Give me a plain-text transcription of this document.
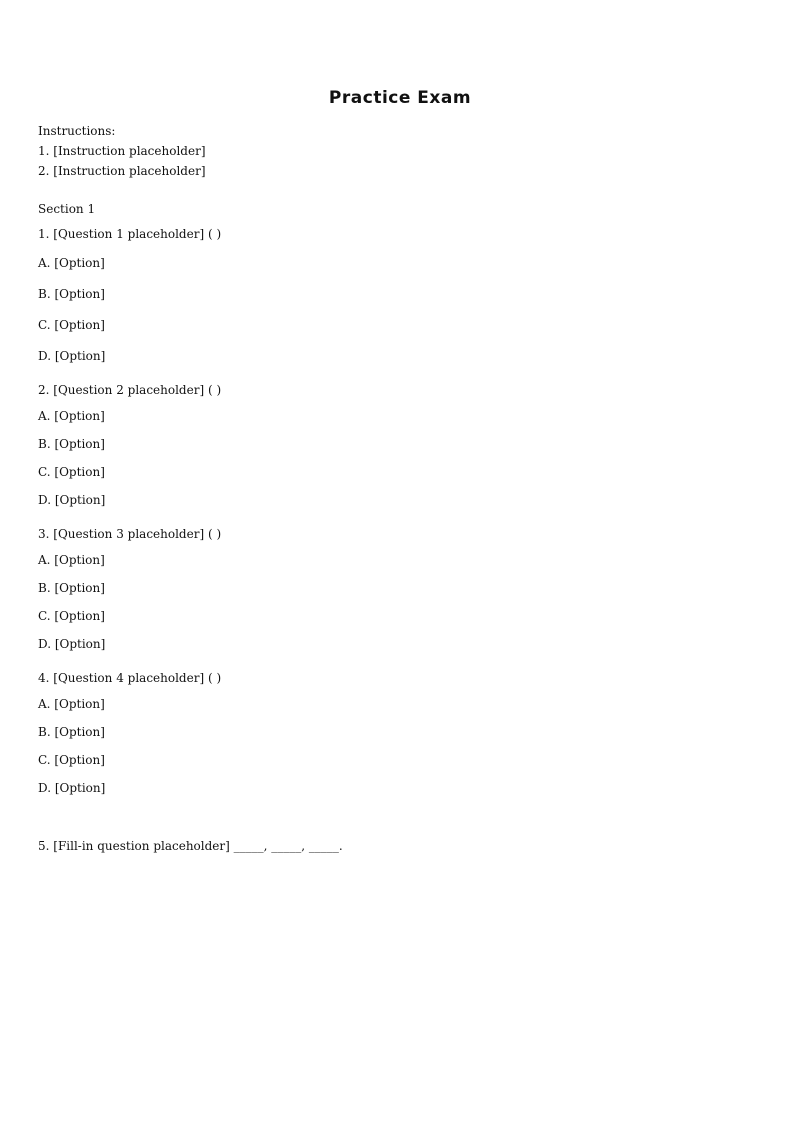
Practice Exam

Instructions:

1. [Instruction placeholder]

2. [Instruction placeholder]

Section 1

1. [Question 1 placeholder] ( )

A. [Option]

B. [Option]

C. [Option]

D. [Option]

2. [Question 2 placeholder] ( )

A. [Option]

B. [Option]

C. [Option]

D. [Option]

3. [Question 3 placeholder] ( )

A. [Option]

B. [Option]

C. [Option]

D. [Option]

4. [Question 4 placeholder] ( )

A. [Option]

B. [Option]

C. [Option]

D. [Option]

5. [Fill-in question placeholder] _____, _____, _____.
